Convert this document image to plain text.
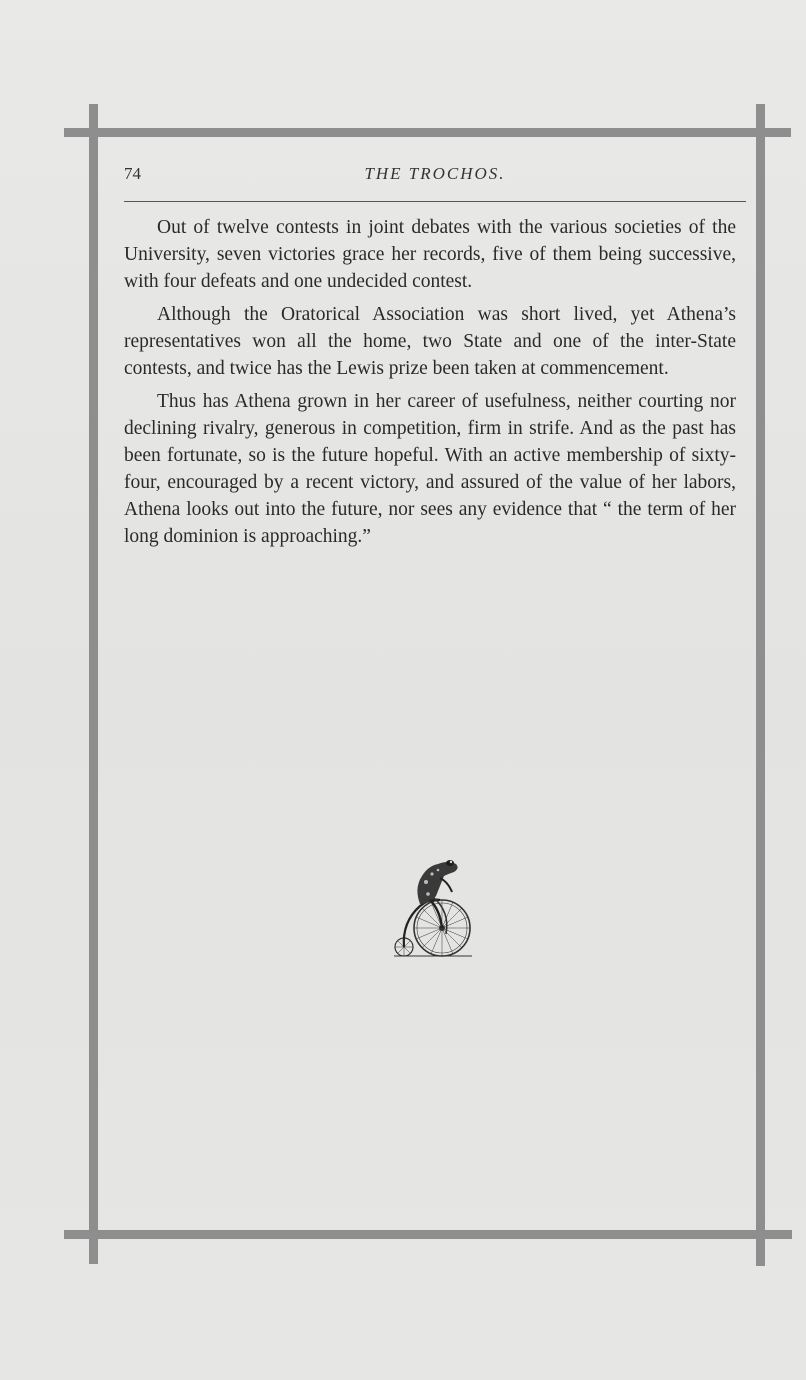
74	THE TROCHOS.

Out of twelve contests in joint debates with the various societies of the University, seven victories grace her records, five of them being successive, with four defeats and one undecided contest.

Although the Oratorical Association was short lived, yet Athena’s representatives won all the home, two State and one of the inter-State contests, and twice has the Lewis prize been taken at commencement.

Thus has Athena grown in her career of usefulness, neither courting nor declining rivalry, generous in competition, firm in strife. And as the past has been fortunate, so is the future hopeful. With an active membership of sixty-four, encouraged by a recent victory, and assured of the value of her labors, Athena looks out into the future, nor sees any evidence that “ the term of her long dominion is approaching.”
